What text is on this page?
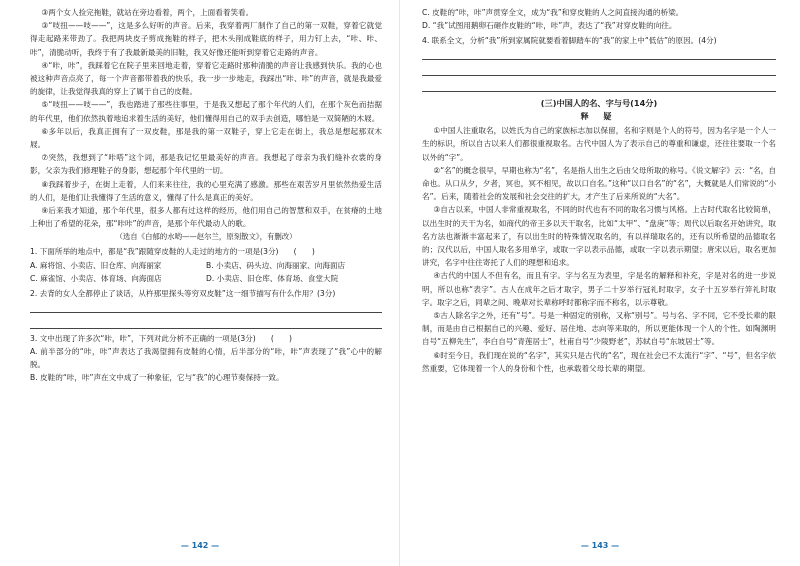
③两个女人捡完拖鞋，就站在旁边看着，两个，上面看着笑看。

③“吱扭——吱——”，这是多么好听的声音。后来，我穿着两厂制作了自己的第一双鞋，穿着它就觉得走起路来带劲了。我把两块皮子剪成拖鞋的样子，把木头削成鞋底的样子，用力钉上去，“咔、咔、咔”，清脆动听，我终于有了我最新最美的旧鞋，我又好像还能听到穿着它走路的声音。

④“咔，咔”，我踩着它在院子里来回地走着，穿着它走路时那种清脆的声音让我感到快乐。我的心也被这种声音点亮了，每一个声音都带着我的快乐，我一步一步地走，我踩出“咔、咔”的声音，就是我最爱的旋律，让我觉得我真的穿上了属于自己的皮鞋。

⑤“吱扭——吱——”，我也踏进了那些往事里，于是我又想起了那个年代的人们，在那个灰色而拮据的年代里，他们依然执着地追求着生活的美好，他们懂得用自己的双手去创造，哪怕是一双简陋的木屐。

⑥多年以后，我真正拥有了一双皮鞋，那是我的第一双鞋子，穿上它走在街上，我总是想起那双木屐。

⑦突然，我想到了“咔嗒”这个词，那是我记忆里最美好的声音。我想起了母亲为我们缝补衣裳的身影，父亲为我们修理鞋子的身影，想起那个年代里的一切。

⑧我踩着步子，在街上走着，人们来来往往，我的心里充满了感激。那些在艰苦岁月里依然热爱生活的人们，是他们让我懂得了生活的意义，懂得了什么是真正的美好。

⑨后来我才知道，那个年代里，很多人都有过这样的经历，他们用自己的智慧和双手，在贫瘠的土地上种出了希望的花朵，那“咔咔”的声音，是那个年代最动人的歌。

（选自《白郁的水哟——赵尔兰，原刻散文》，有删改）

1. 下面所举的地点中，都是“我”跟随穿皮鞋的人走过的地方的一项是(3分)　　(　　)

A. 麻将馆、小卖店、旧仓库、向海丽家	B. 小卖店、码头边、向海丽家、向海面店
C. 麻雀馆、小卖店、体育场、向海面店	D. 小卖店、旧仓库、体育场、食堂大院

2. 去背的女人全都停止了谈话，从杵那里探头等穷双皮鞋”这一细节描写有什么作用？(3分)

3. 文中出现了许多次“咔，咔”，下列对此分析不正确的一项是(3分)　　(　　)

A. 前半部分的“咔，咔”声表达了我渴望拥有皮鞋的心情，后半部分的“咔，咔”声表现了“我”心中的解脱。

B. 皮鞋的“咔，咔”声在文中成了一种象征，它与“我”的心理节奏保持一致。

— 142 —

C. 皮鞋的“咔，咔”声贯穿全文，成为“我”和穿皮鞋的人之间直接沟通的桥梁。

D. “我”试图用鹅卵石砸作皮鞋的“咔，咔”声，表达了“我”对穿皮鞋的向往。

4. 联系全文，分析“我”所到家属院就要看着脚踏车的“我”的家上中“低估”的原因。(4分)

(三)中国人的名、字与号(14分)
释 疑

①中国人注重取名，以姓氏为自己的家族标志加以保留，名和字则是个人的符号，因为名字是一个人一生的标识，所以自古以来人们都很重视取名。古代中国人为了表示自己的尊重和谦虚，还往往要取一个名以外的“字”。

②“名”的概念很早，早期也称为“名”，名是指人出生之后由父母所取的称号。《说文解字》云：“名，自命也。从口从夕，夕者，冥也，冥不相见，故以口自名。”这种“以口自名”的“名”，大概就是人们常说的“小名”。后来，随着社会的发展和社会交往的扩大，才产生了后来所说的“大名”。

③自古以来，中国人非常重视取名，不同的时代也有不同的取名习惯与风格。上古时代取名比较简单，以出生时的天干为名，如商代的帝王多以天干取名，比如“太甲”、“盘庚”等；周代以后取名开始讲究，取名方法也渐渐丰富起来了，有以出生时的特殊情况取名的，有以祥瑞取名的，还有以所希望的品德取名的；汉代以后，中国人取名多用单字，或取一字以表示品德，或取一字以表示期望；唐宋以后，取名更加讲究，名字中往往寄托了人们的理想和追求。

④古代的中国人不但有名，而且有字。字与名互为表里，字是名的解释和补充，字是对名的进一步说明，所以也称“表字”。古人在成年之后才取字，男子二十岁举行冠礼时取字，女子十五岁举行笄礼时取字。取字之后，同辈之间、晚辈对长辈称呼时都称字而不称名，以示尊敬。

⑤古人除名字之外，还有“号”。号是一种固定的别称，又称“别号”。号与名、字不同，它不受长辈的限制，而是由自己根据自己的兴趣、爱好、居住地、志向等来取的，所以更能体现一个人的个性。如陶渊明自号“五柳先生”，李白自号“青莲居士”，杜甫自号“少陵野老”，苏轼自号“东坡居士”等。

⑥时至今日，我们现在说的“名字”，其实只是古代的“名”，现在社会已不太流行“字”、“号”，但名字依然重要，它体现着一个人的身份和个性，也承载着父母长辈的期望。

— 143 —
